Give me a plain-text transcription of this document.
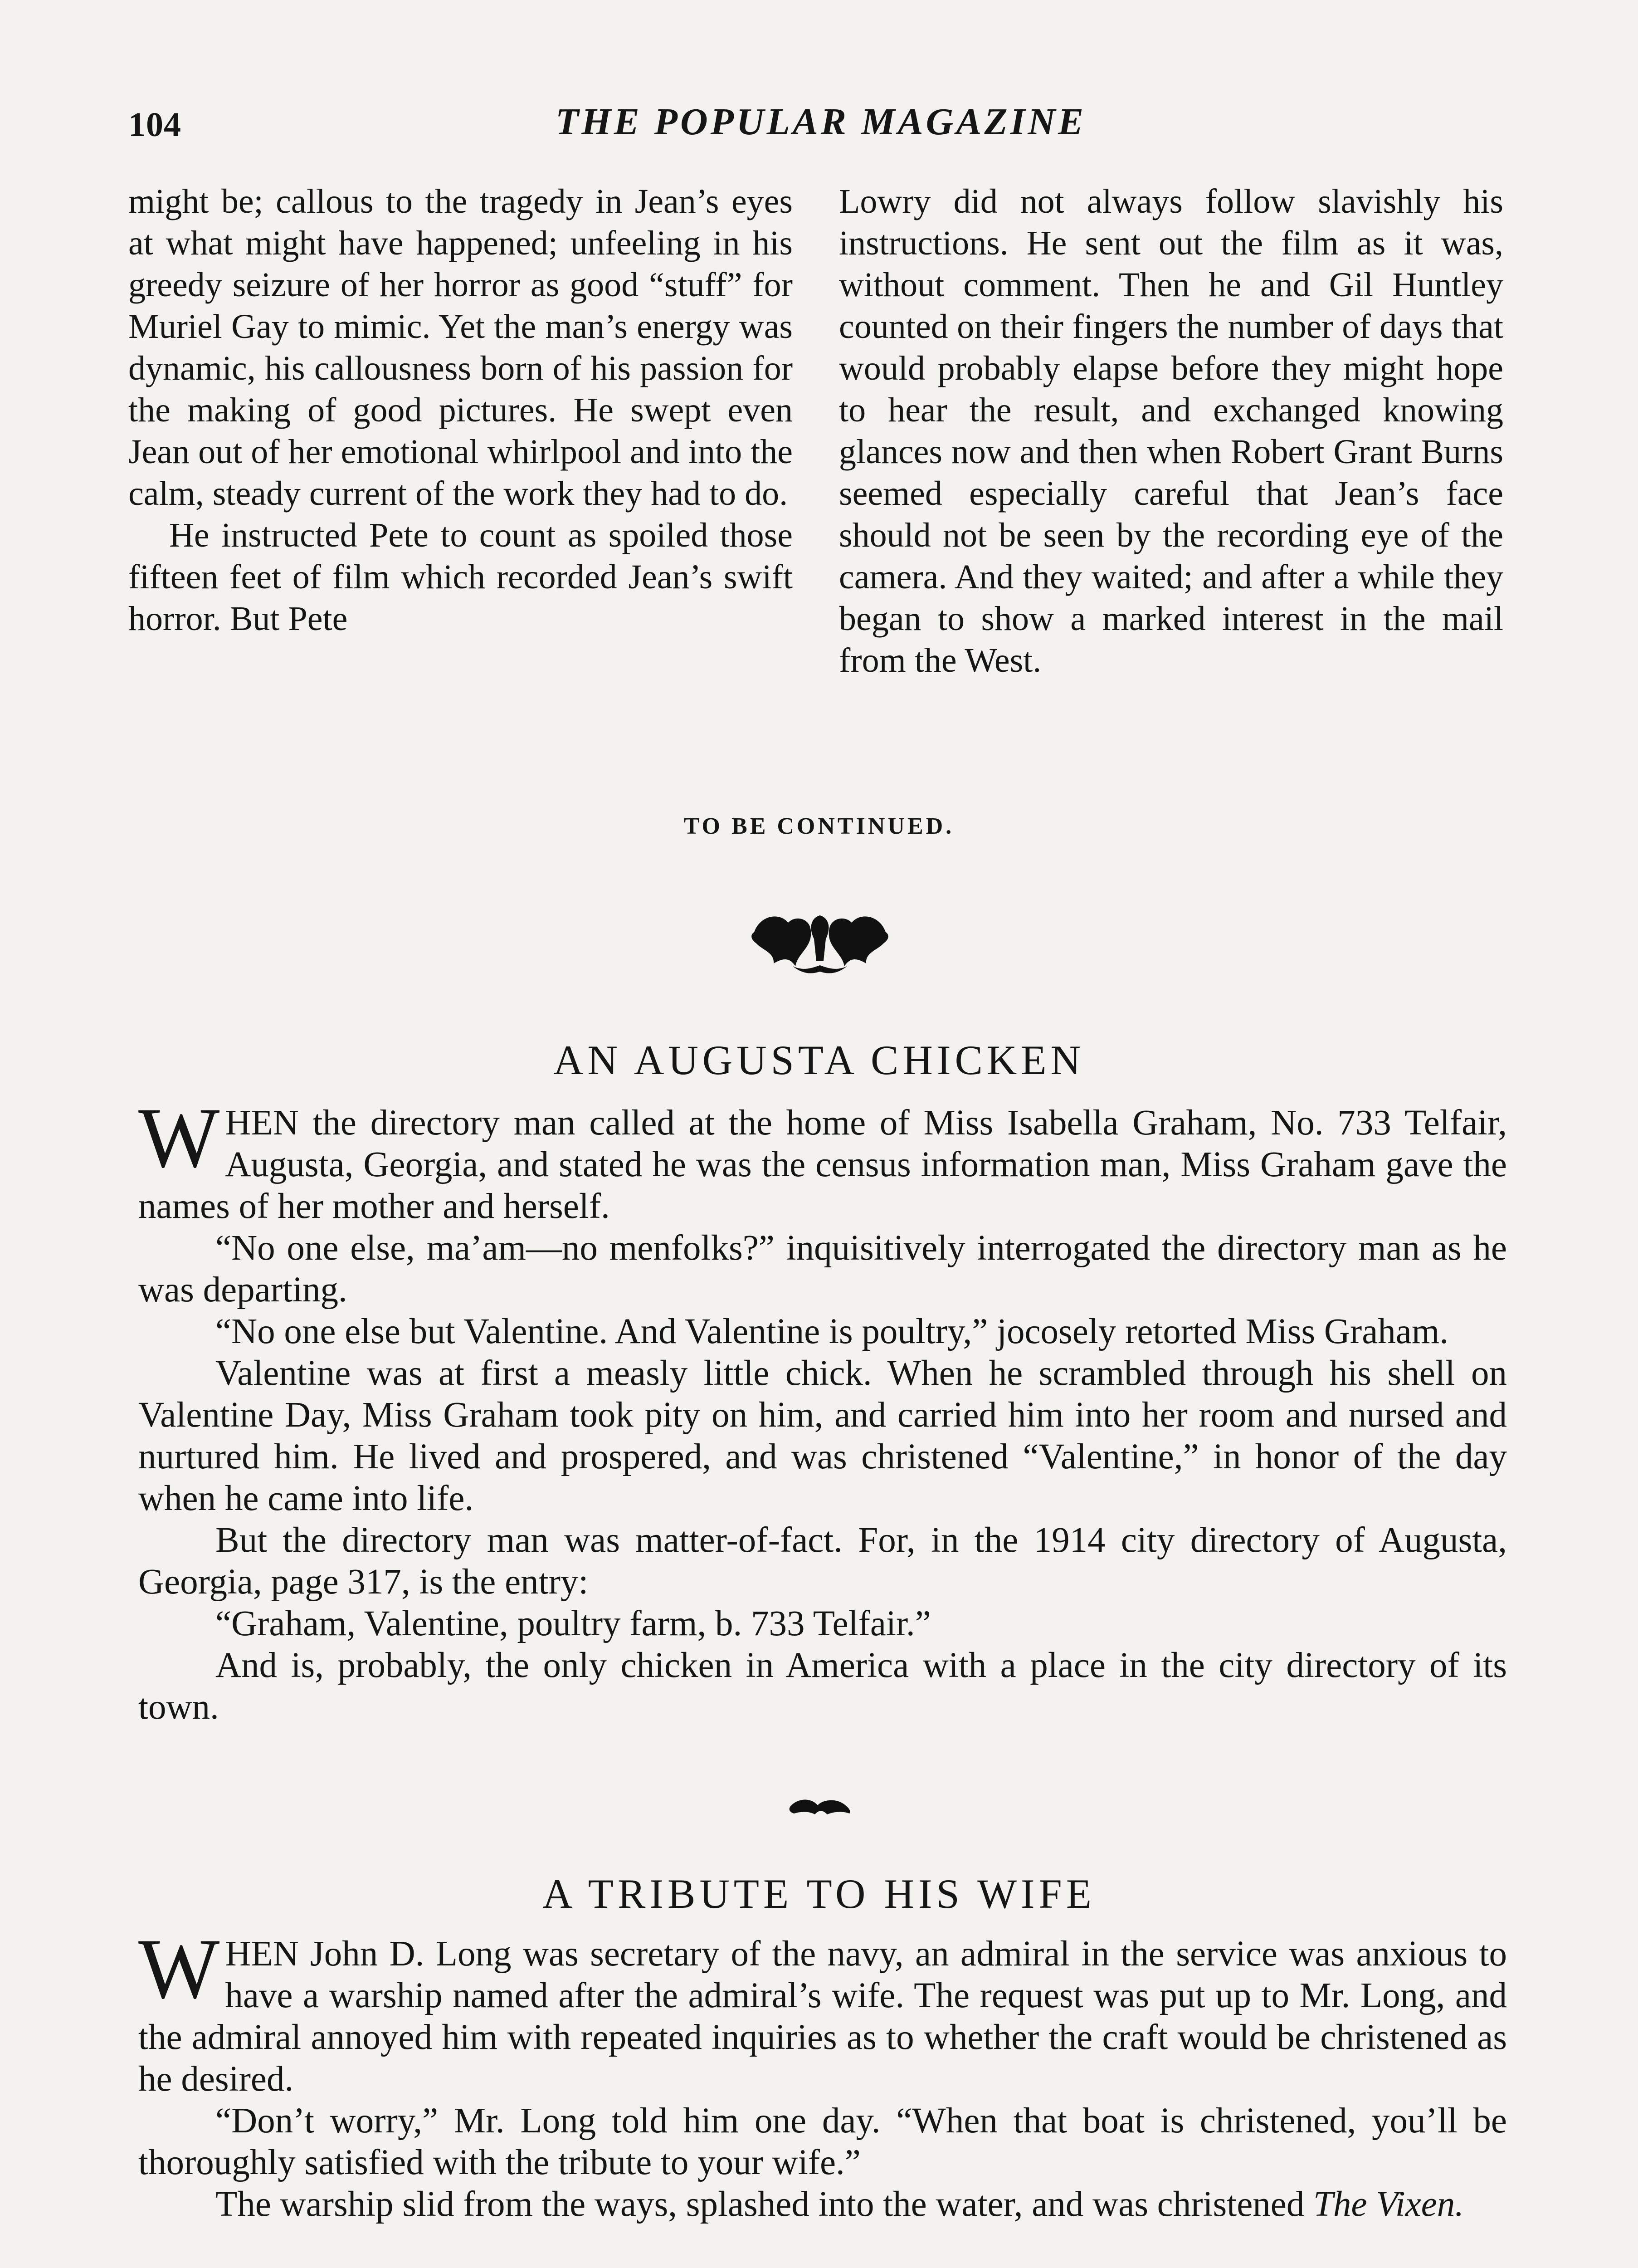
104	THE POPULAR MAGAZINE

might be; callous to the tragedy in Jean’s eyes at what might have happened; unfeeling in his greedy seizure of her horror as good “stuff” for Muriel Gay to mimic. Yet the man’s energy was dynamic, his callousness born of his passion for the making of good pictures. He swept even Jean out of her emotional whirlpool and into the calm, steady current of the work they had to do.

He instructed Pete to count as spoiled those fifteen feet of film which recorded Jean’s swift horror. But Pete

Lowry did not always follow slavishly his instructions. He sent out the film as it was, without comment. Then he and Gil Huntley counted on their fingers the number of days that would probably elapse before they might hope to hear the result, and exchanged knowing glances now and then when Robert Grant Burns seemed especially careful that Jean’s face should not be seen by the recording eye of the camera. And they waited; and after a while they began to show a marked interest in the mail from the West.

TO BE CONTINUED.
AN AUGUSTA CHICKEN

WHEN the directory man called at the home of Miss Isabella Graham, No. 733 Telfair, Augusta, Georgia, and stated he was the census information man, Miss Graham gave the names of her mother and herself.

“No one else, ma’am—no menfolks?” inquisitively interrogated the directory man as he was departing.

“No one else but Valentine. And Valentine is poultry,” jocosely retorted Miss Graham.

Valentine was at first a measly little chick. When he scrambled through his shell on Valentine Day, Miss Graham took pity on him, and carried him into her room and nursed and nurtured him. He lived and prospered, and was christened “Valentine,” in honor of the day when he came into life.

But the directory man was matter-of-fact. For, in the 1914 city directory of Augusta, Georgia, page 317, is the entry:

“Graham, Valentine, poultry farm, b. 733 Telfair.”

And is, probably, the only chicken in America with a place in the city directory of its town.

A TRIBUTE TO HIS WIFE

WHEN John D. Long was secretary of the navy, an admiral in the service was anxious to have a warship named after the admiral’s wife. The request was put up to Mr. Long, and the admiral annoyed him with repeated inquiries as to whether the craft would be christened as he desired.

“Don’t worry,” Mr. Long told him one day. “When that boat is christened, you’ll be thoroughly satisfied with the tribute to your wife.”

The warship slid from the ways, splashed into the water, and was christened The Vixen.
